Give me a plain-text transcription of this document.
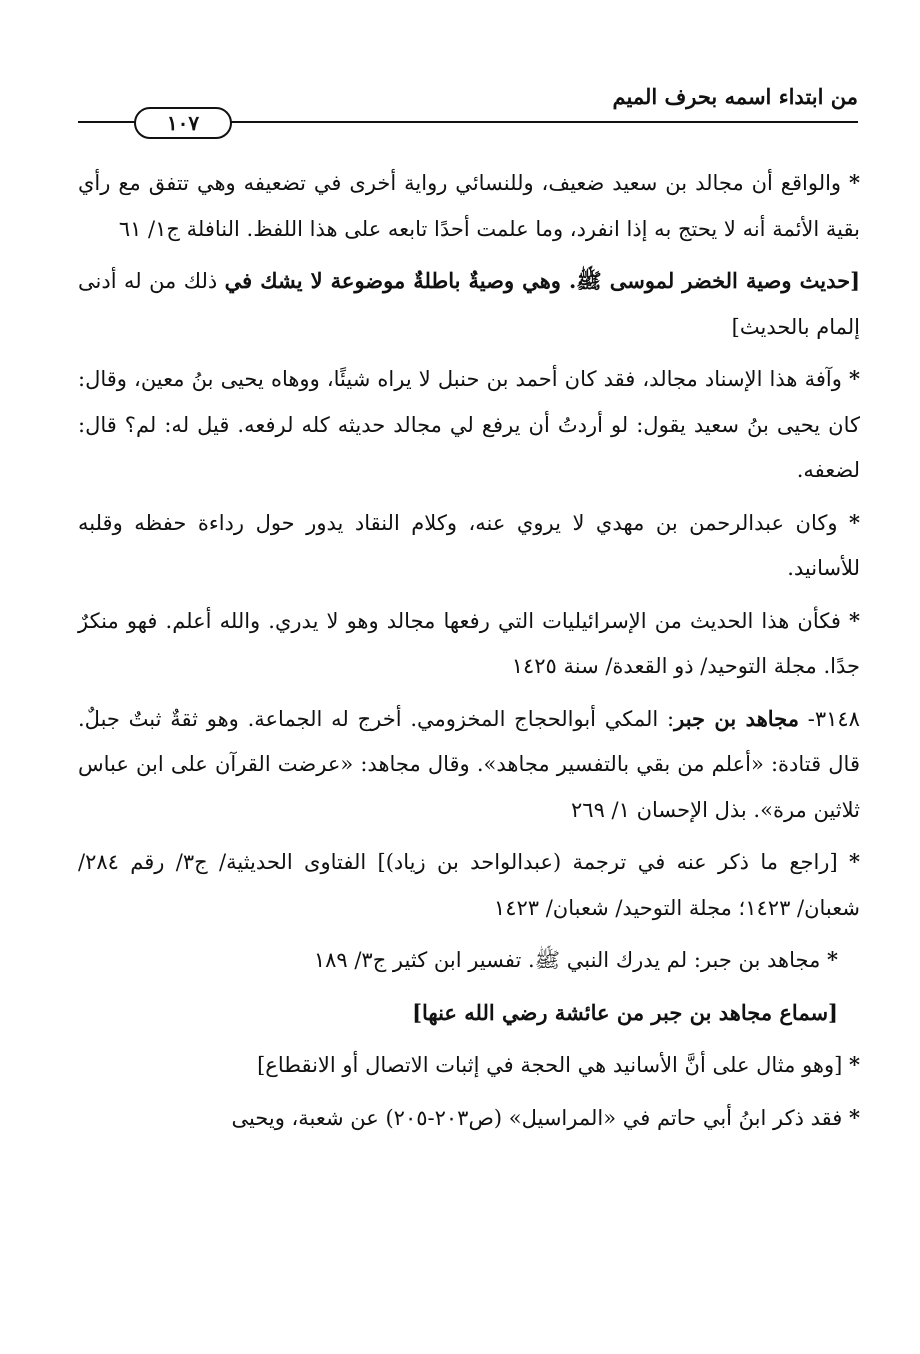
من ابتداء اسمه بحرف الميم
١٠٧

* والواقع أن مجالد بن سعيد ضعيف، وللنسائي رواية أخرى في تضعيفه وهي تتفق مع رأي بقية الأئمة أنه لا يحتج به إذا انفرد، وما علمت أحدًا تابعه على هذا اللفظ. النافلة ج١/ ٦١

[حديث وصية الخضر لموسى ﷺ. وهي وصيةٌ باطلةٌ موضوعة لا يشك في ذلك من له أدنى إلمام بالحديث]

* وآفة هذا الإسناد مجالد، فقد كان أحمد بن حنبل لا يراه شيئًا، ووهاه يحيى بنُ معين، وقال: كان يحيى بنُ سعيد يقول: لو أردتُ أن يرفع لي مجالد حديثه كله لرفعه. قيل له: لم؟ قال: لضعفه.

* وكان عبدالرحمن بن مهدي لا يروي عنه، وكلام النقاد يدور حول رداءة حفظه وقلبه للأسانيد.

* فكأن هذا الحديث من الإسرائيليات التي رفعها مجالد وهو لا يدري. والله أعلم. فهو منكرٌ جدًا. مجلة التوحيد/ ذو القعدة/ سنة ١٤٢٥

٣١٤٨- مجاهد بن جبر: المكي أبوالحجاج المخزومي. أخرج له الجماعة. وهو ثقةٌ ثبتٌ جبلٌ. قال قتادة: «أعلم من بقي بالتفسير مجاهد». وقال مجاهد: «عرضت القرآن على ابن عباس ثلاثين مرة». بذل الإحسان ١/ ٢٦٩

* [راجع ما ذكر عنه في ترجمة (عبدالواحد بن زياد)] الفتاوى الحديثية/ ج٣/ رقم ٢٨٤/ شعبان/ ١٤٢٣؛ مجلة التوحيد/ شعبان/ ١٤٢٣

* مجاهد بن جبر: لم يدرك النبي ﷺ. تفسير ابن كثير ج٣/ ١٨٩

[سماع مجاهد بن جبر من عائشة رضي الله عنها]

* [وهو مثال على أنَّ الأسانيد هي الحجة في إثبات الاتصال أو الانقطاع]

* فقد ذكر ابنُ أبي حاتم في «المراسيل» (ص٢٠٣-٢٠٥) عن شعبة، ويحيى
